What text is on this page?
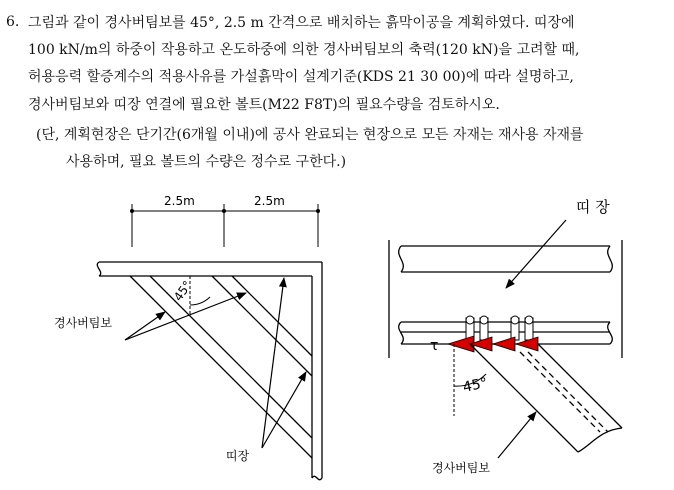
6. 그림과 같이 경사버팀보를 45°, 2.5 m 간격으로 배치하는 흙막이공을 계획하였다. 띠장에
100 kN/m의 하중이 작용하고 온도하중에 의한 경사버팀보의 축력(120 kN)을 고려할 때,
허용응력 할증계수의 적용사유를 가설흙막이 설계기준(KDS 21 30 00)에 따라 설명하고,
경사버팀보와 띠장 연결에 필요한 볼트(M22 F8T)의 필요수량을 검토하시오.
(단, 계획현장은 단기간(6개월 이내)에 공사 완료되는 현장으로 모든 자재는 재사용 자재를
사용하며, 필요 볼트의 수량은 정수로 구한다.)
2.5m	2.5m
45°
경사버팀보
띠장
띠 장
τ
45°
경사버팀보
